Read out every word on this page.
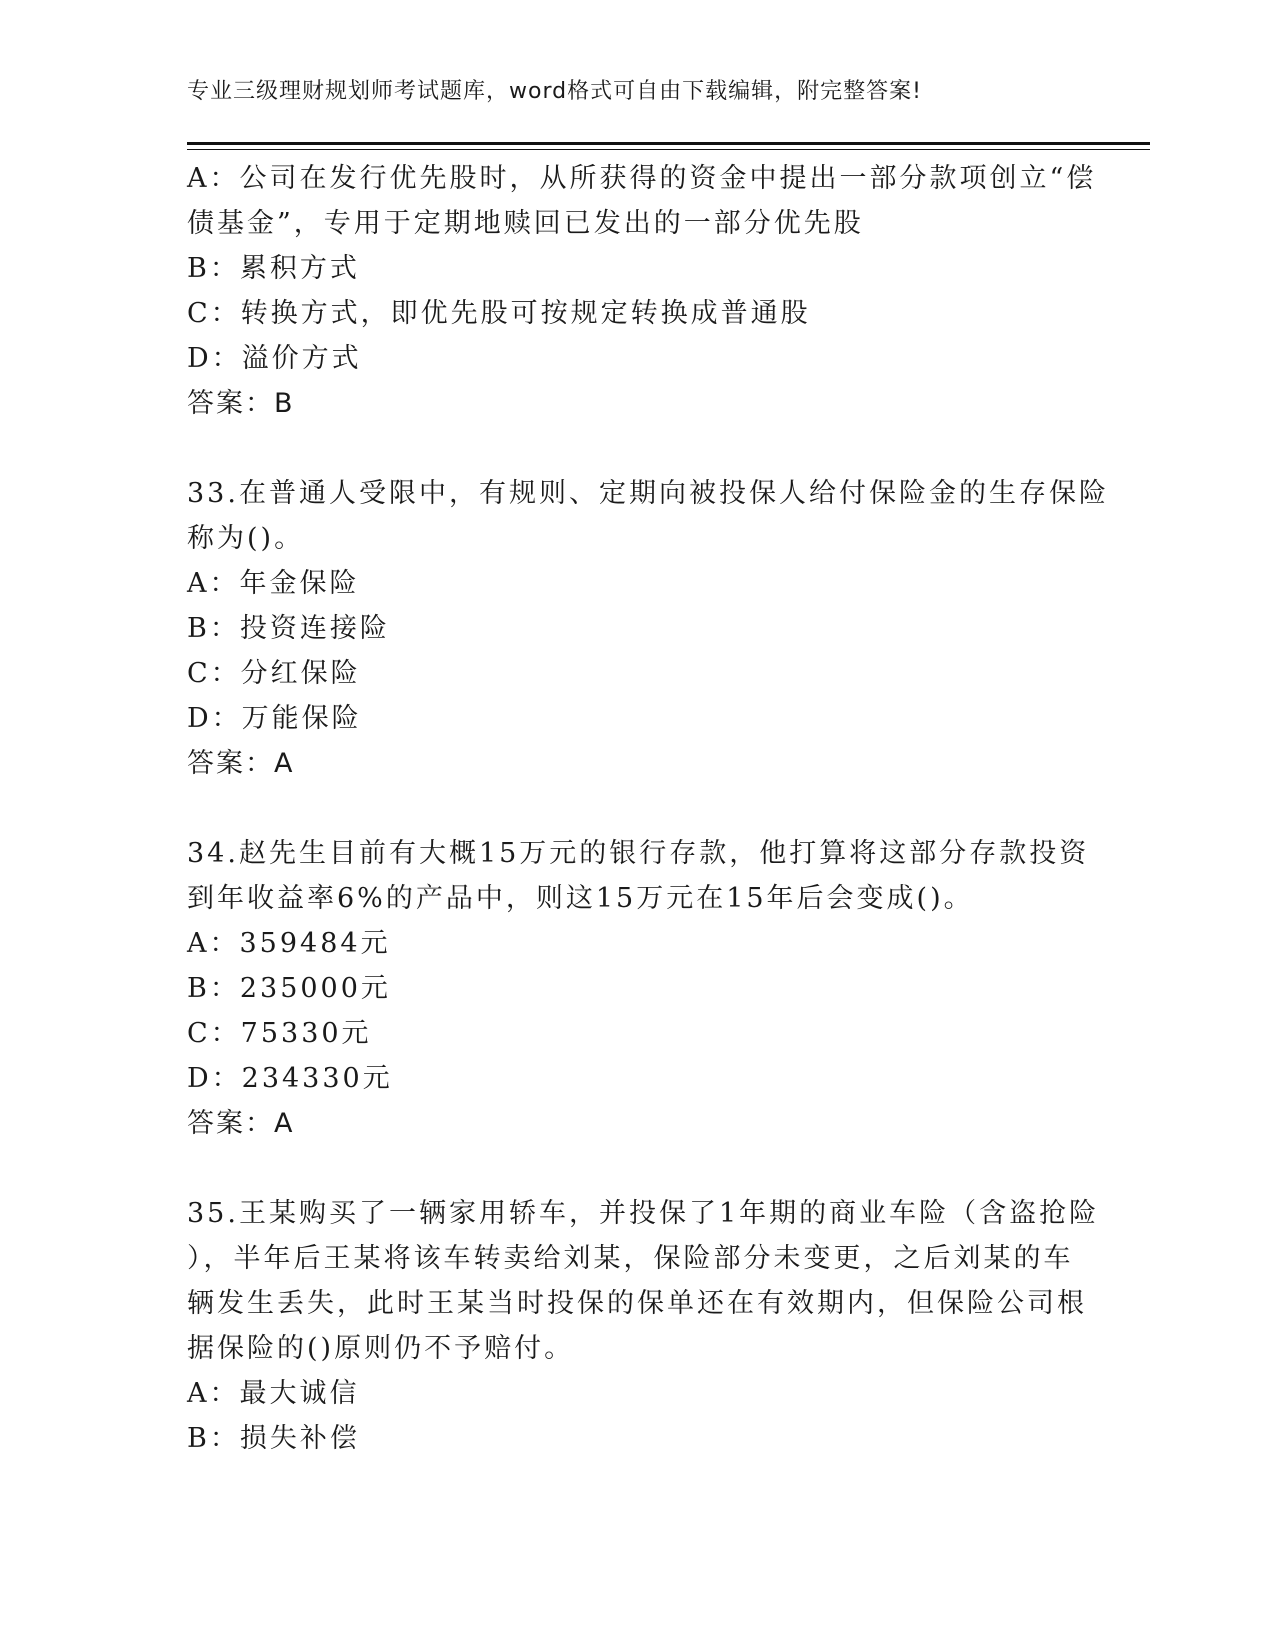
专业三级理财规划师考试题库，word格式可自由下载编辑，附完整答案!
A：公司在发行优先股时，从所获得的资金中提出一部分款项创立“偿
债基金”，专用于定期地赎回已发出的一部分优先股
B：累积方式
C：转换方式，即优先股可按规定转换成普通股
D：溢价方式
答案：B
33.在普通人受限中，有规则、定期向被投保人给付保险金的生存保险
称为()。
A：年金保险
B：投资连接险
C：分红保险
D：万能保险
答案：A
34.赵先生目前有大概15万元的银行存款，他打算将这部分存款投资
到年收益率6%的产品中，则这15万元在15年后会变成()。
A：359484元
B：235000元
C：75330元
D：234330元
答案：A
35.王某购买了一辆家用轿车，并投保了1年期的商业车险（含盗抢险
），半年后王某将该车转卖给刘某，保险部分未变更，之后刘某的车
辆发生丢失，此时王某当时投保的保单还在有效期内，但保险公司根
据保险的()原则仍不予赔付。
A：最大诚信
B：损失补偿
